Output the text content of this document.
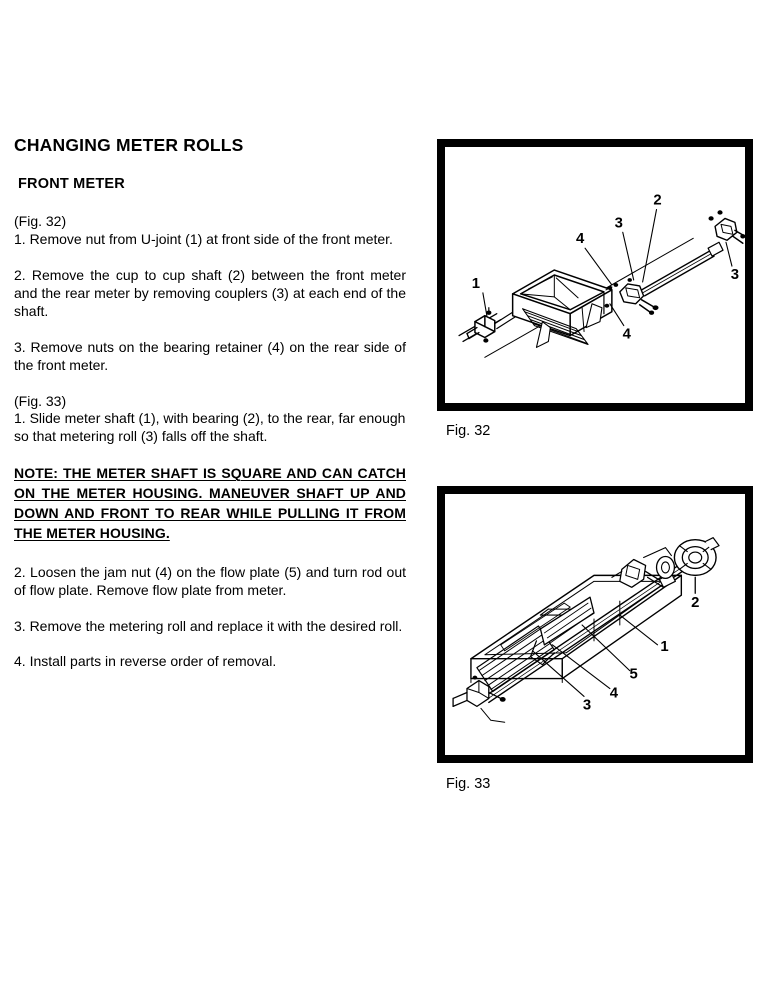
CHANGING METER ROLLS
FRONT METER

(Fig. 32)

1. Remove nut from U-joint (1) at front side of the front meter.

2. Remove the cup to cup shaft (2) between the front meter and the rear meter by removing couplers (3) at each end of the shaft.

3. Remove nuts on the bearing retainer (4) on the rear side of the front meter.

(Fig. 33)

1. Slide meter shaft (1), with bearing (2), to the rear, far enough so that metering roll (3) falls off the shaft.

NOTE: THE METER SHAFT IS SQUARE AND CAN CATCH ON THE METER HOUSING. MANEUVER SHAFT UP AND DOWN AND FRONT TO REAR WHILE PULLING IT FROM THE METER HOUSING.

2. Loosen the jam nut (4) on the flow plate (5) and turn rod out of flow plate. Remove flow plate from meter.

3. Remove the metering roll and replace it with the desired roll.

4. Install parts in reverse order of removal.

1
2
3
3
4
4
Fig. 32
1
2
3
4
5
Fig. 33
